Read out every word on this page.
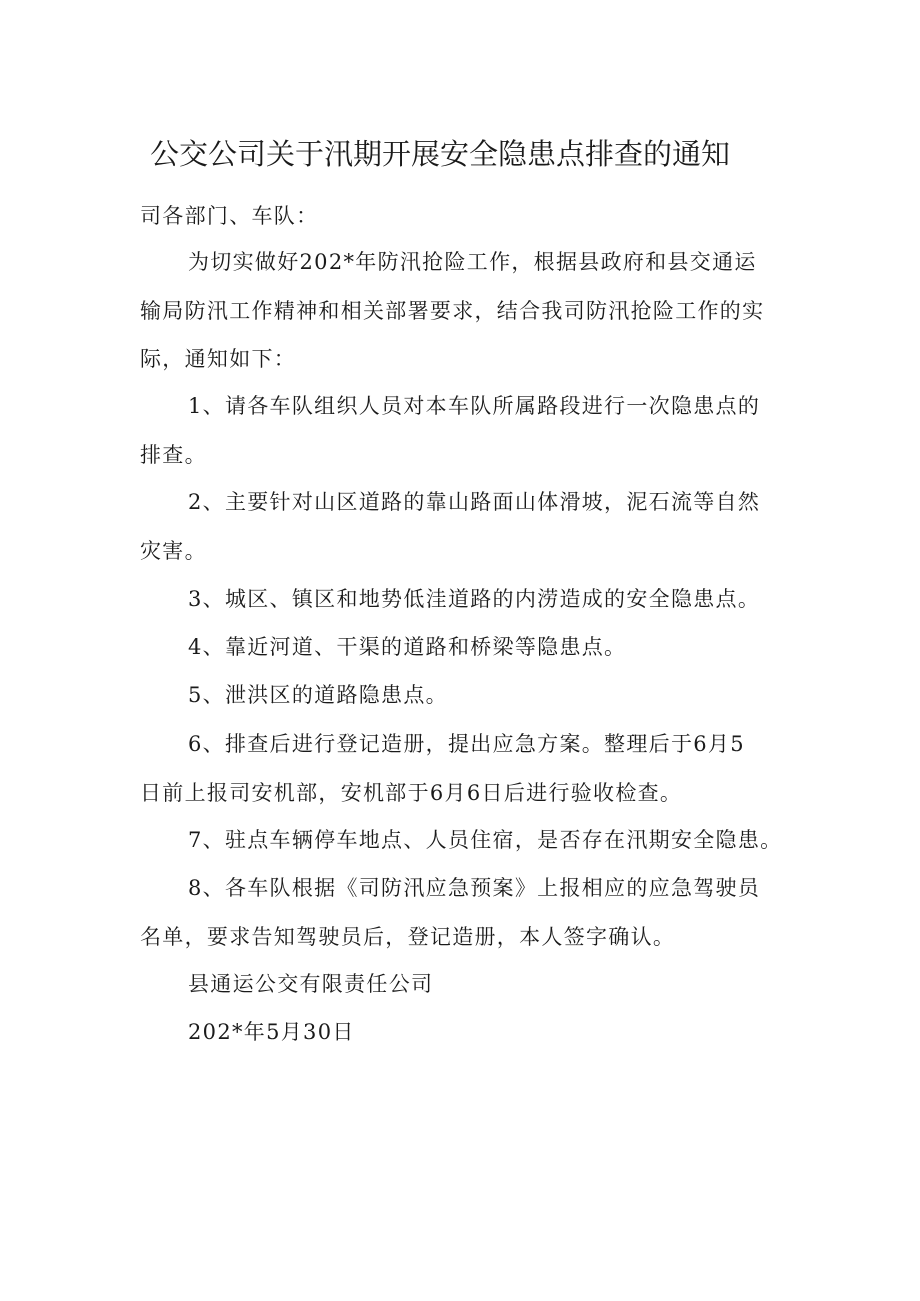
公交公司关于汛期开展安全隐患点排查的通知

司各部门、车队：

为切实做好202*年防汛抢险工作，根据县政府和县交通运

输局防汛工作精神和相关部署要求，结合我司防汛抢险工作的实

际，通知如下：

1、请各车队组织人员对本车队所属路段进行一次隐患点的

排查。

2、主要针对山区道路的靠山路面山体滑坡，泥石流等自然

灾害。

3、城区、镇区和地势低洼道路的内涝造成的安全隐患点。

4、靠近河道、干渠的道路和桥梁等隐患点。

5、泄洪区的道路隐患点。

6、排查后进行登记造册，提出应急方案。整理后于6月5

日前上报司安机部，安机部于6月6日后进行验收检查。

7、驻点车辆停车地点、人员住宿，是否存在汛期安全隐患。

8、各车队根据《司防汛应急预案》上报相应的应急驾驶员

名单，要求告知驾驶员后，登记造册，本人签字确认。

县通运公交有限责任公司

202*年5月30日
